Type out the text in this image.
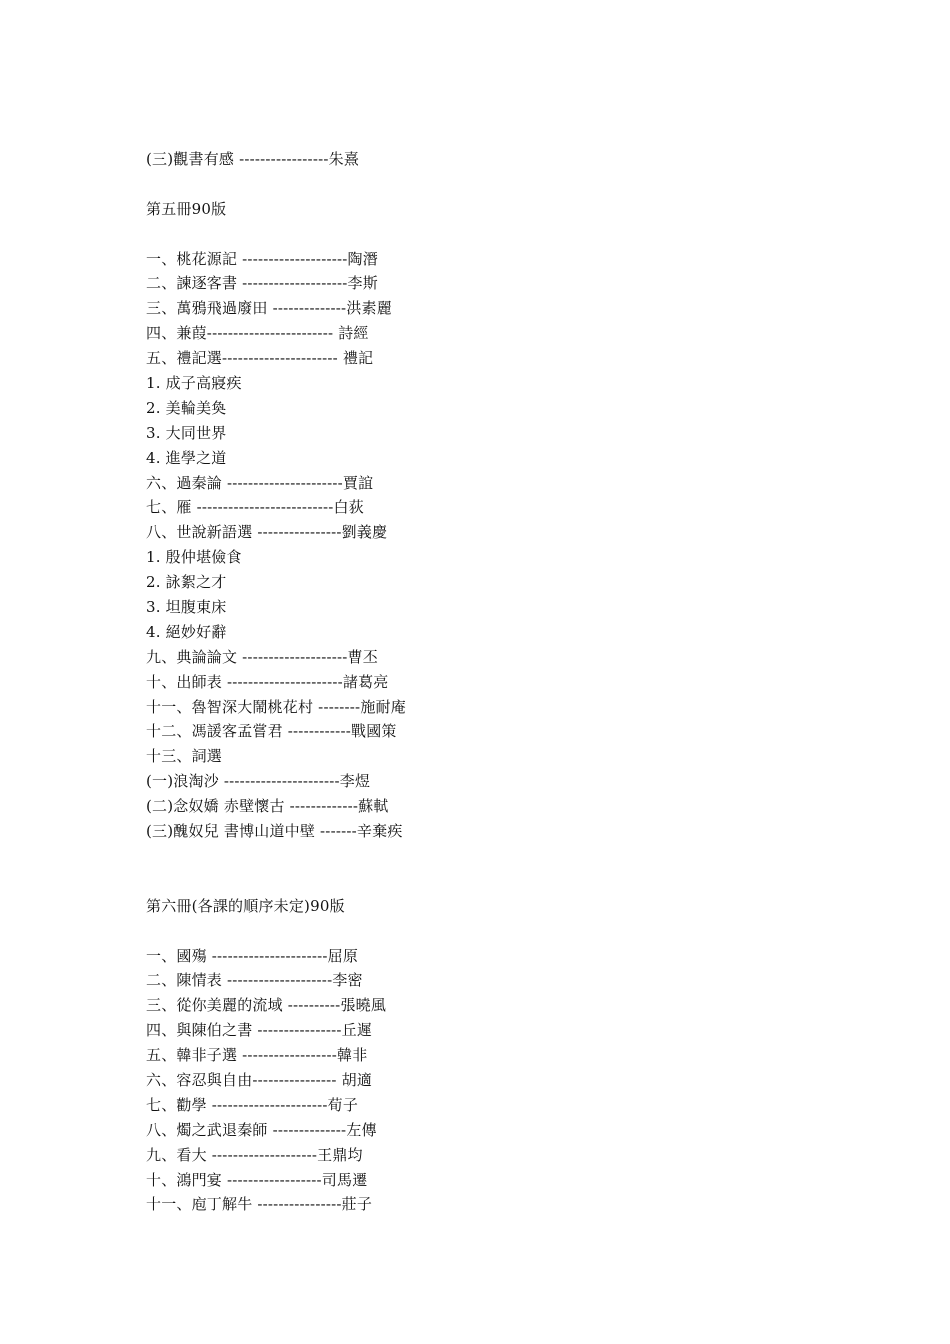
(三)觀書有感 -----------------朱熹
第五冊90版
一、桃花源記 --------------------陶潛
二、諫逐客書 --------------------李斯
三、萬鴉飛過廢田 --------------洪素麗
四、兼葭------------------------ 詩經
五、禮記選---------------------- 禮記
1. 成子高寢疾
2. 美輪美奐
3. 大同世界
4. 進學之道
六、過秦論 ----------------------賈誼
七、雁 --------------------------白荻
八、世說新語選 ----------------劉義慶
1. 殷仲堪儉食
2. 詠絮之才
3. 坦腹東床
4. 絕妙好辭
九、典論論文 --------------------曹丕
十、出師表 ----------------------諸葛亮
十一、魯智深大鬧桃花村 --------施耐庵
十二、馮諼客孟嘗君 ------------戰國策
十三、詞選
(一)浪淘沙 ----------------------李煜
(二)念奴嬌 赤壁懷古 -------------蘇軾
(三)醜奴兒 書博山道中壁 -------辛棄疾
第六冊(各課的順序未定)90版
一、國殤 ----------------------屈原
二、陳情表 --------------------李密
三、從你美麗的流域 ----------張曉風
四、與陳伯之書 ----------------丘遲
五、韓非子選 ------------------韓非
六、容忍與自由---------------- 胡適
七、勸學 ----------------------荀子
八、燭之武退秦師 --------------左傳
九、看大 --------------------王鼎均
十、鴻門宴 ------------------司馬遷
十一、庖丁解牛 ----------------莊子
